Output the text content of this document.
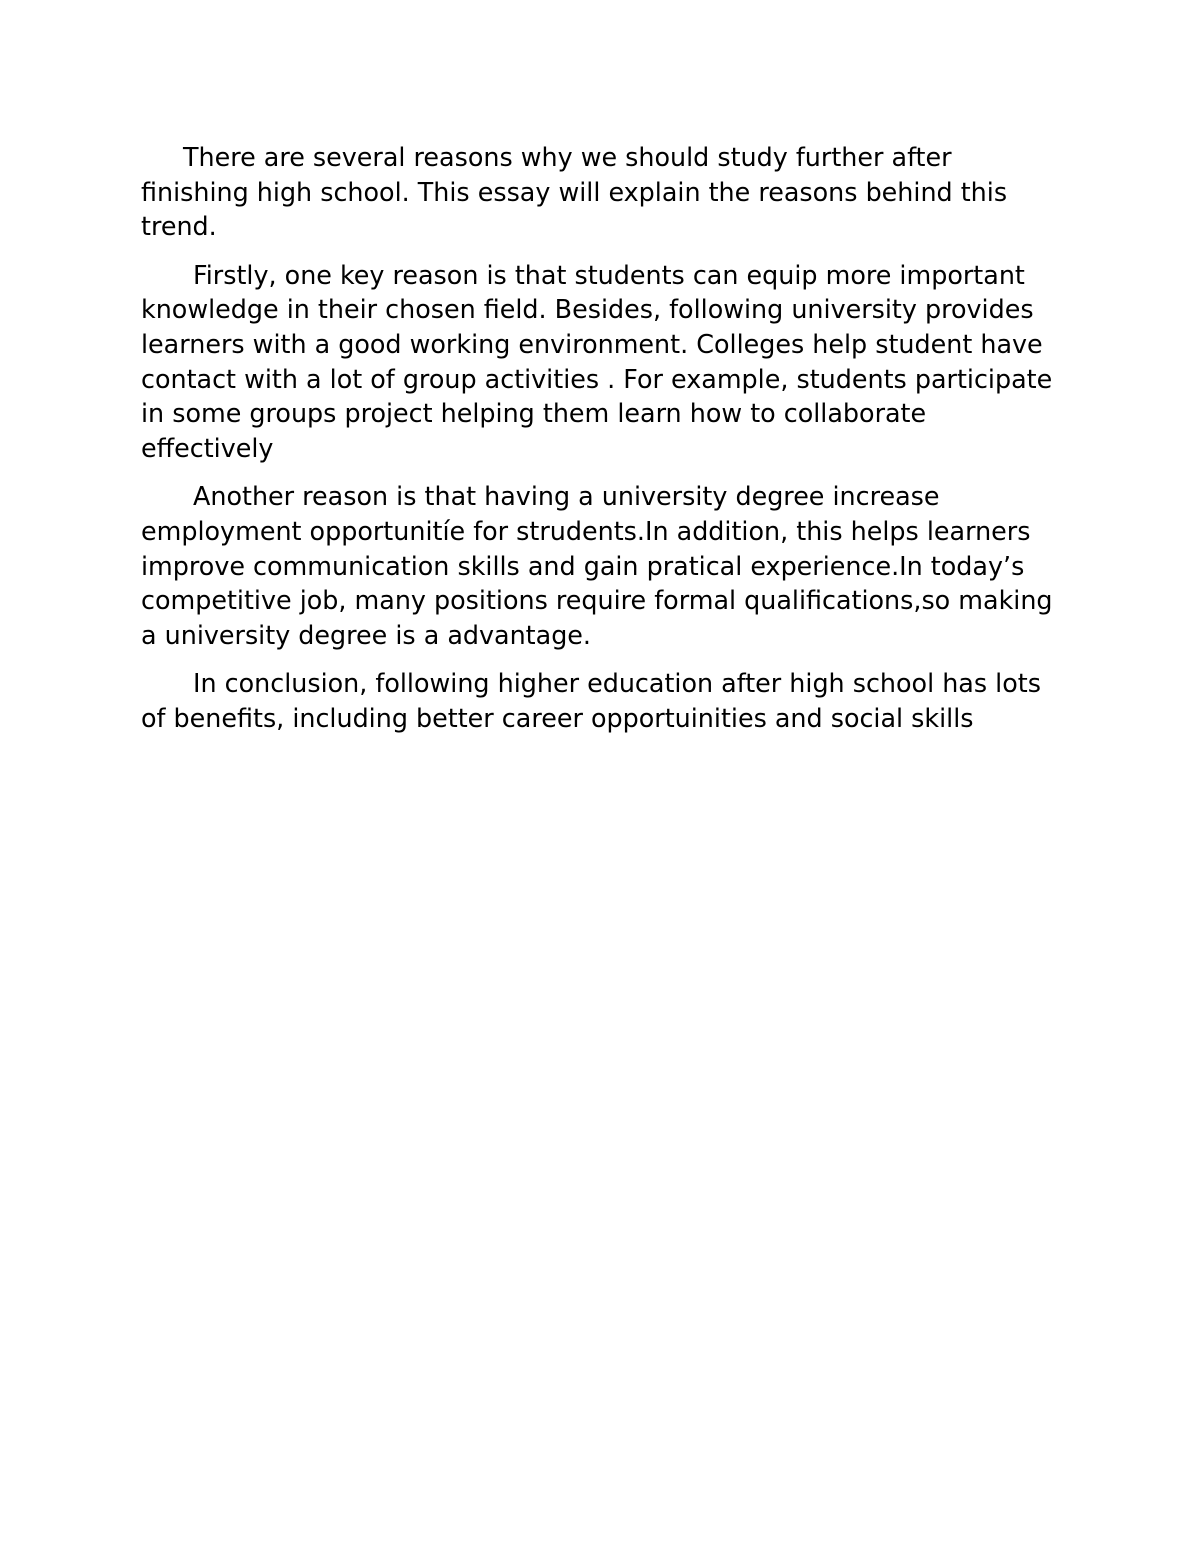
There are several reasons why we should study further after finishing high school. This essay will explain the reasons behind this trend.

Firstly, one key reason is that students can equip more important knowledge in their chosen field. Besides, following university provides learners with a good working environment. Colleges help student have contact with a lot of group activities . For example, students participate in some groups project helping them learn how to collaborate effectively

Another reason is that having a university degree increase employment opportunitíe for strudents.In addition, this helps learners improve communication skills and gain pratical experience.In today’s competitive job, many positions require formal qualifications,so making a university degree is a advantage.

In conclusion, following higher education after high school has lots of benefits, including better career opportuinities and social skills
